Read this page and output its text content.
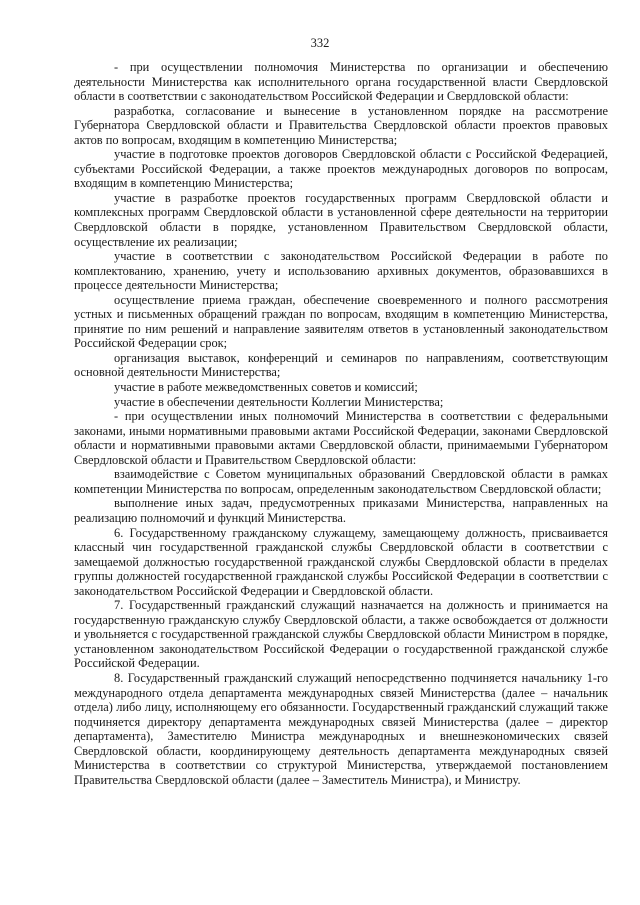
332

- при осуществлении полномочия Министерства по организации и обеспечению деятельности Министерства как исполнительного органа государственной власти Свердловской области в соответствии с законодательством Российской Федерации и Свердловской области:

разработка, согласование и вынесение в установленном порядке на рассмотрение Губернатора Свердловской области и Правительства Свердловской области проектов правовых актов по вопросам, входящим в компетенцию Министерства;

участие в подготовке проектов договоров Свердловской области с Российской Федерацией, субъектами Российской Федерации, а также проектов международных договоров по вопросам, входящим в компетенцию Министерства;

участие в разработке проектов государственных программ Свердловской области и комплексных программ Свердловской области в установленной сфере деятельности на территории Свердловской области в порядке, установленном Правительством Свердловской области, осуществление их реализации;

участие в соответствии с законодательством Российской Федерации в работе по комплектованию, хранению, учету и использованию архивных документов, образовавшихся в процессе деятельности Министерства;

осуществление приема граждан, обеспечение своевременного и полного рассмотрения устных и письменных обращений граждан по вопросам, входящим в компетенцию Министерства, принятие по ним решений и направление заявителям ответов в установленный законодательством Российской Федерации срок;

организация выставок, конференций и семинаров по направлениям, соответствующим основной деятельности Министерства;

участие в работе межведомственных советов и комиссий;

участие в обеспечении деятельности Коллегии Министерства;

- при осуществлении иных полномочий Министерства в соответствии с федеральными законами, иными нормативными правовыми актами Российской Федерации, законами Свердловской области и нормативными правовыми актами Свердловской области, принимаемыми Губернатором Свердловской области и Правительством Свердловской области:

взаимодействие с Советом муниципальных образований Свердловской области в рамках компетенции Министерства по вопросам, определенным законодательством Свердловской области;

выполнение иных задач, предусмотренных приказами Министерства, направленных на реализацию полномочий и функций Министерства.

6. Государственному гражданскому служащему, замещающему должность, присваивается классный чин государственной гражданской службы Свердловской области в соответствии с замещаемой должностью государственной гражданской службы Свердловской области в пределах группы должностей государственной гражданской службы Российской Федерации в соответствии с законодательством Российской Федерации и Свердловской области.

7. Государственный гражданский служащий назначается на должность и принимается на государственную гражданскую службу Свердловской области, а также освобождается от должности и увольняется с государственной гражданской службы Свердловской области Министром в порядке, установленном законодательством Российской Федерации о государственной гражданской службе Российской Федерации.

8. Государственный гражданский служащий непосредственно подчиняется начальнику 1-го международного отдела департамента международных связей Министерства (далее – начальник отдела) либо лицу, исполняющему его обязанности. Государственный гражданский служащий также подчиняется директору департамента международных связей Министерства (далее – директор департамента), Заместителю Министра международных и внешнеэкономических связей Свердловской области, координирующему деятельность департамента международных связей Министерства в соответствии со структурой Министерства, утверждаемой постановлением Правительства Свердловской области (далее – Заместитель Министра), и Министру.
